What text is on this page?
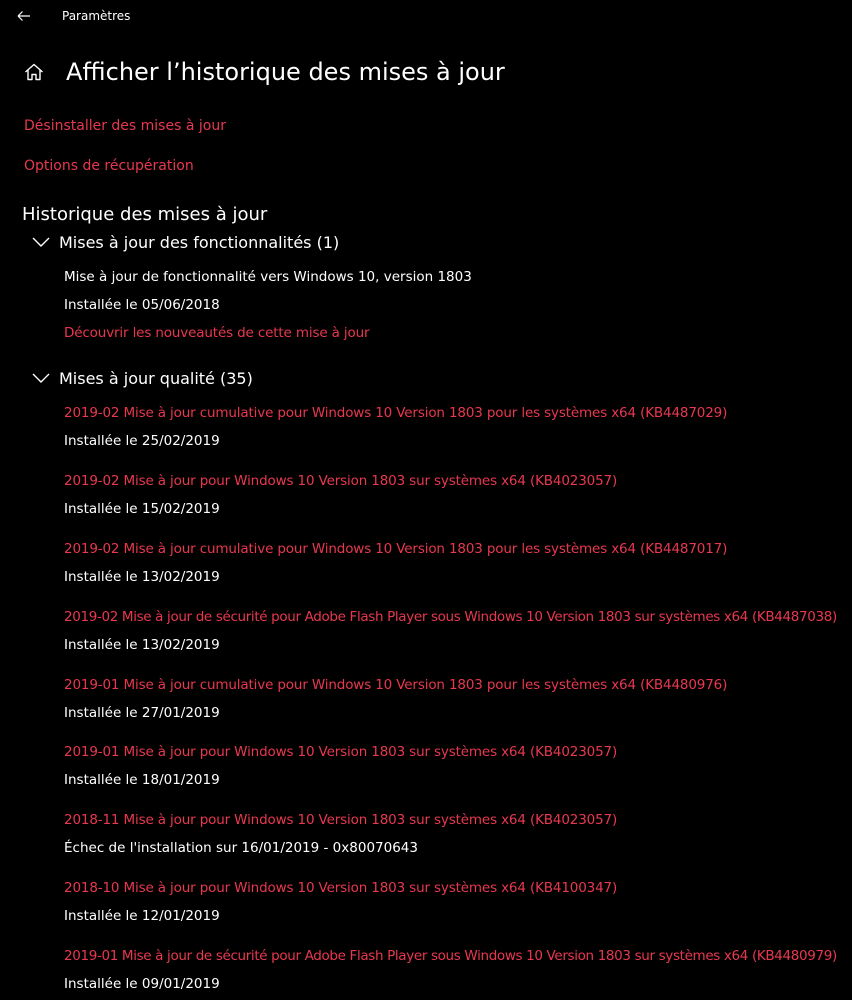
Paramètres
Afficher l’historique des mises à jour
Désinstaller des mises à jour
Options de récupération
Historique des mises à jour
Mises à jour des fonctionnalités (1)
Mise à jour de fonctionnalité vers Windows 10, version 1803
Installée le 05/06/2018
Découvrir les nouveautés de cette mise à jour
Mises à jour qualité (35)
2019-02 Mise à jour cumulative pour Windows 10 Version 1803 pour les systèmes x64 (KB4487029)
Installée le 25/02/2019
2019-02 Mise à jour pour Windows 10 Version 1803 sur systèmes x64 (KB4023057)
Installée le 15/02/2019
2019-02 Mise à jour cumulative pour Windows 10 Version 1803 pour les systèmes x64 (KB4487017)
Installée le 13/02/2019
2019-02 Mise à jour de sécurité pour Adobe Flash Player sous Windows 10 Version 1803 sur systèmes x64 (KB4487038)
Installée le 13/02/2019
2019-01 Mise à jour cumulative pour Windows 10 Version 1803 pour les systèmes x64 (KB4480976)
Installée le 27/01/2019
2019-01 Mise à jour pour Windows 10 Version 1803 sur systèmes x64 (KB4023057)
Installée le 18/01/2019
2018-11 Mise à jour pour Windows 10 Version 1803 sur systèmes x64 (KB4023057)
Échec de l'installation sur 16/01/2019 - 0x80070643
2018-10 Mise à jour pour Windows 10 Version 1803 sur systèmes x64 (KB4100347)
Installée le 12/01/2019
2019-01 Mise à jour de sécurité pour Adobe Flash Player sous Windows 10 Version 1803 sur systèmes x64 (KB4480979)
Installée le 09/01/2019
